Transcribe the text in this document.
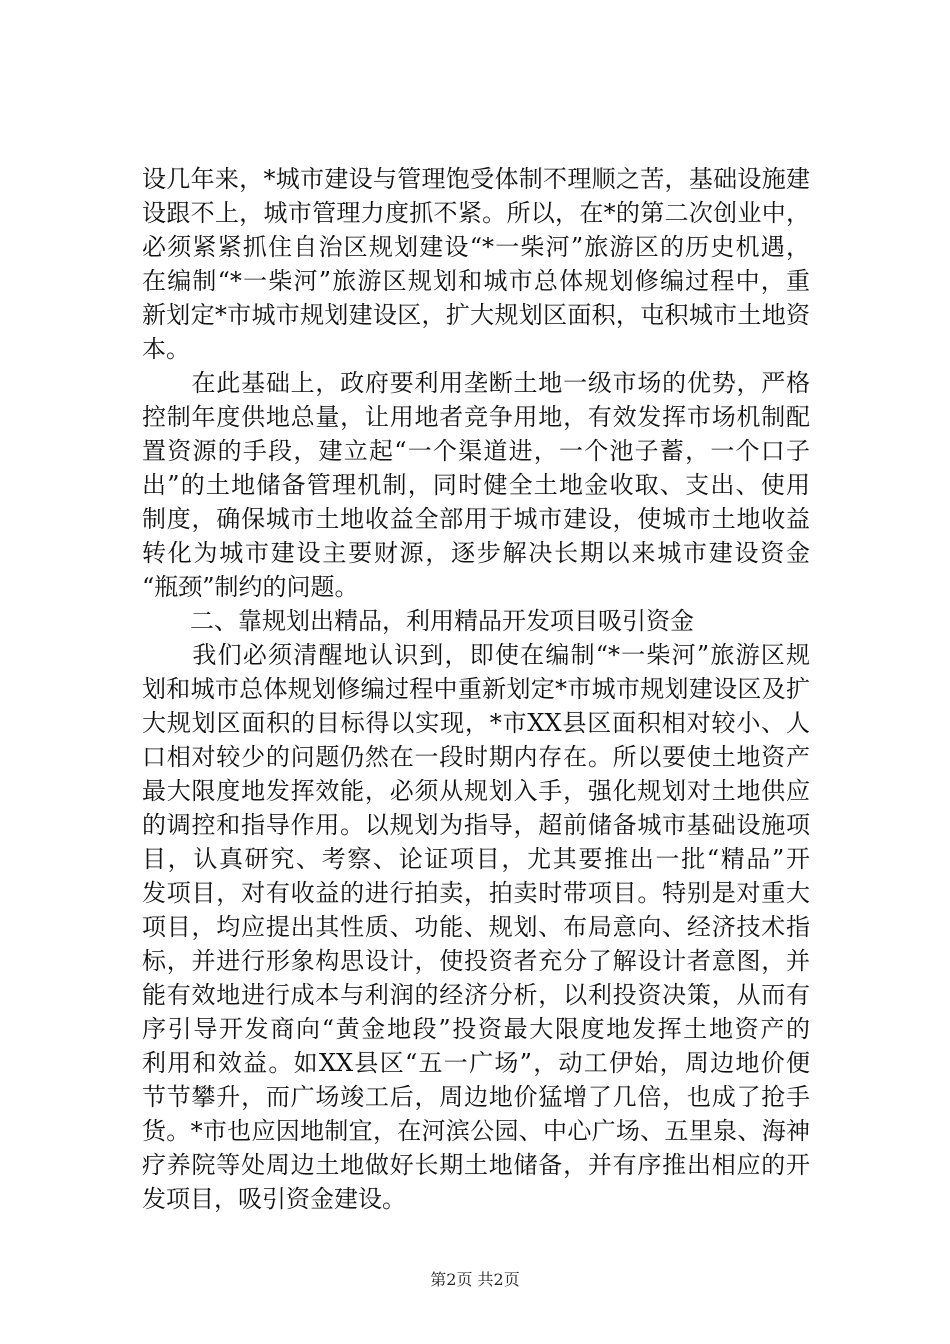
设几年来，*城市建设与管理饱受体制不理顺之苦，基础设施建
设跟不上，城市管理力度抓不紧。所以，在*的第二次创业中，
必须紧紧抓住自治区规划建设“*一柴河”旅游区的历史机遇，
在编制“*一柴河”旅游区规划和城市总体规划修编过程中，重
新划定*市城市规划建设区，扩大规划区面积，屯积城市土地资
本。
　　在此基础上，政府要利用垄断土地一级市场的优势，严格
控制年度供地总量，让用地者竞争用地，有效发挥市场机制配
置资源的手段，建立起“一个渠道进，一个池子蓄，一个口子
出”的土地储备管理机制，同时健全土地金收取、支出、使用
制度，确保城市土地收益全部用于城市建设，使城市土地收益
转化为城市建设主要财源，逐步解决长期以来城市建设资金
“瓶颈”制约的问题。
　　二、靠规划出精品，利用精品开发项目吸引资金
　　我们必须清醒地认识到，即使在编制“*一柴河”旅游区规
划和城市总体规划修编过程中重新划定*市城市规划建设区及扩
大规划区面积的目标得以实现，*市XX县区面积相对较小、人
口相对较少的问题仍然在一段时期内存在。所以要使土地资产
最大限度地发挥效能，必须从规划入手，强化规划对土地供应
的调控和指导作用。以规划为指导，超前储备城市基础设施项
目，认真研究、考察、论证项目，尤其要推出一批“精品”开
发项目，对有收益的进行拍卖，拍卖时带项目。特别是对重大
项目，均应提出其性质、功能、规划、布局意向、经济技术指
标，并进行形象构思设计，使投资者充分了解设计者意图，并
能有效地进行成本与利润的经济分析，以利投资决策，从而有
序引导开发商向“黄金地段”投资最大限度地发挥土地资产的
利用和效益。如XX县区“五一广场”，动工伊始，周边地价便
节节攀升，而广场竣工后，周边地价猛增了几倍，也成了抢手
货。*市也应因地制宜，在河滨公园、中心广场、五里泉、海神
疗养院等处周边土地做好长期土地储备，并有序推出相应的开
发项目，吸引资金建设。
第2页 共2页
